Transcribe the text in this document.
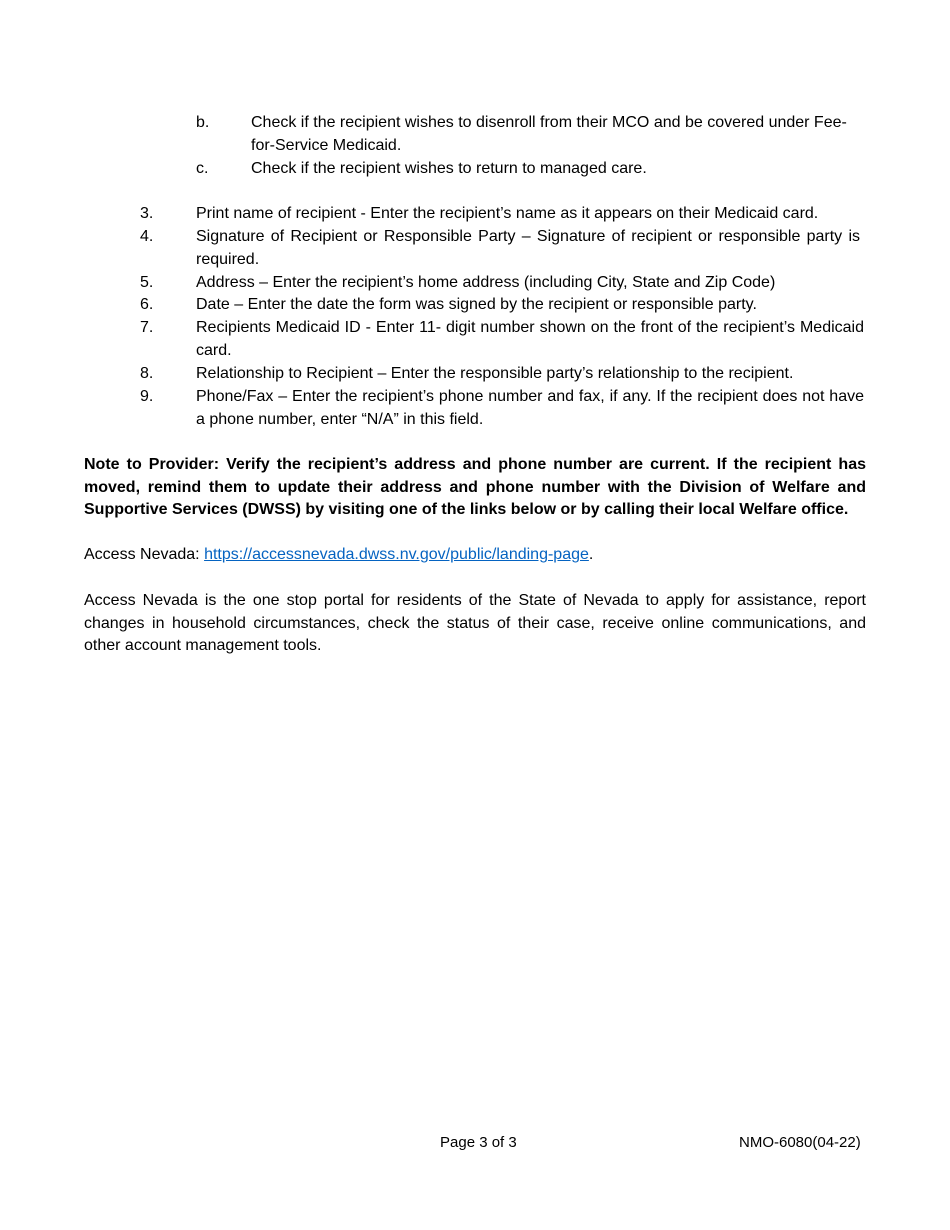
b.	Check if the recipient wishes to disenroll from their MCO and be covered under Fee-for-Service Medicaid.
c.	Check if the recipient wishes to return to managed care.
3.	Print name of recipient - Enter the recipient’s name as it appears on their Medicaid card.
4.	Signature of Recipient or Responsible Party – Signature of recipient or responsible party is required.
5.	Address – Enter the recipient’s home address (including City, State and Zip Code)
6.	Date – Enter the date the form was signed by the recipient or responsible party.
7.	Recipients Medicaid ID - Enter 11- digit number shown on the front of the recipient’s Medicaid card.
8.	Relationship to Recipient – Enter the responsible party’s relationship to the recipient.
9.	Phone/Fax – Enter the recipient’s phone number and fax, if any. If the recipient does not have a phone number, enter “N/A” in this field.
Note to Provider: Verify the recipient’s address and phone number are current. If the recipient has moved, remind them to update their address and phone number with the Division of Welfare and Supportive Services (DWSS) by visiting one of the links below or by calling their local Welfare office.
Access Nevada: https://accessnevada.dwss.nv.gov/public/landing-page.
Access Nevada is the one stop portal for residents of the State of Nevada to apply for assistance, report changes in household circumstances, check the status of their case, receive online communications, and other account management tools.
Page 3 of 3	NMO-6080(04-22)
